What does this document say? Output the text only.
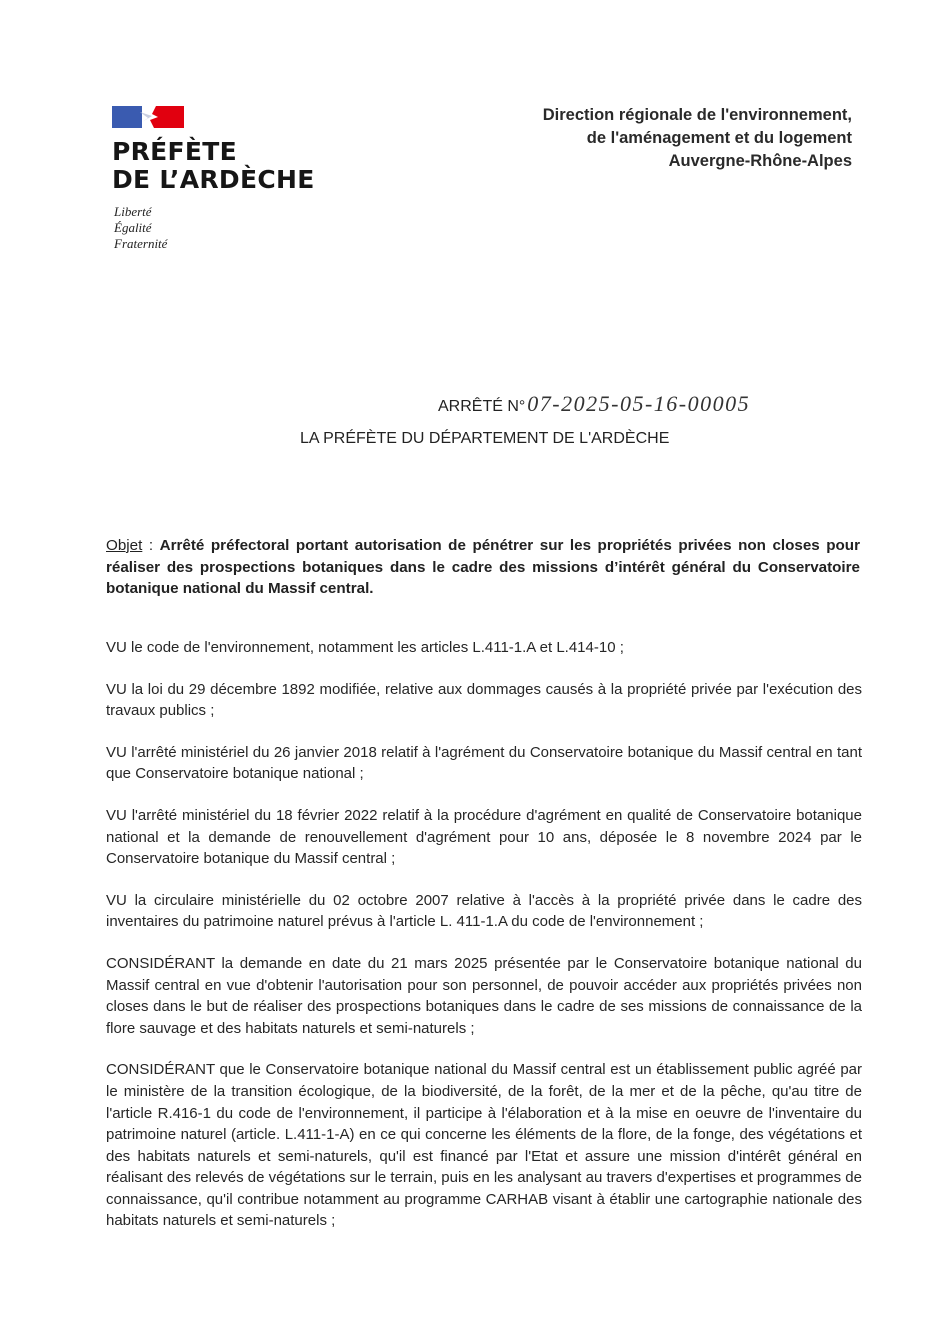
PRÉFÈTE
DE L’ARDÈCHE
Liberté
Égalité
Fraternité
Direction régionale de l'environnement,
de l'aménagement et du logement
Auvergne-Rhône-Alpes
ARRÊTÉ N°07-2025-05-16-00005
LA PRÉFÈTE DU DÉPARTEMENT DE L'ARDÈCHE
Objet : Arrêté préfectoral portant autorisation de pénétrer sur les propriétés privées non closes pour réaliser des prospections botaniques dans le cadre des missions d’intérêt général du Conservatoire botanique national du Massif central.

VU le code de l'environnement, notamment les articles L.411-1.A et L.414-10 ;

VU la loi du 29 décembre 1892 modifiée, relative aux dommages causés à la propriété privée par l'exécution des travaux publics ;

VU l'arrêté ministériel du 26 janvier 2018 relatif à l'agrément du Conservatoire botanique du Massif central en tant que Conservatoire botanique national ;

VU l'arrêté ministériel du 18 février 2022 relatif à la procédure d'agrément en qualité de Conservatoire botanique national et la demande de renouvellement d'agrément pour 10 ans, déposée le 8 novembre 2024 par le Conservatoire botanique du Massif central ;

VU la circulaire ministérielle du 02 octobre 2007 relative à l'accès à la propriété privée dans le cadre des inventaires du patrimoine naturel prévus à l'article L. 411-1.A du code de l'environnement ;

CONSIDÉRANT la demande en date du 21 mars 2025 présentée par le Conservatoire botanique national du Massif central en vue d'obtenir l'autorisation pour son personnel, de pouvoir accéder aux propriétés privées non closes dans le but de réaliser des prospections botaniques dans le cadre de ses missions de connaissance de la flore sauvage et des habitats naturels et semi-naturels ;

CONSIDÉRANT que le Conservatoire botanique national du Massif central est un établissement public agréé par le ministère de la transition écologique, de la biodiversité, de la forêt, de la mer et de la pêche, qu'au titre de l'article R.416-1 du code de l'environnement, il participe à l'élaboration et à la mise en oeuvre de l'inventaire du patrimoine naturel (article. L.411-1-A) en ce qui concerne les éléments de la flore, de la fonge, des végétations et des habitats naturels et semi-naturels, qu'il est financé par l'Etat et assure une mission d'intérêt général en réalisant des relevés de végétations sur le terrain, puis en les analysant au travers d'expertises et programmes de connaissance, qu'il contribue notamment au programme CARHAB visant à établir une cartographie nationale des habitats naturels et semi-naturels ;
